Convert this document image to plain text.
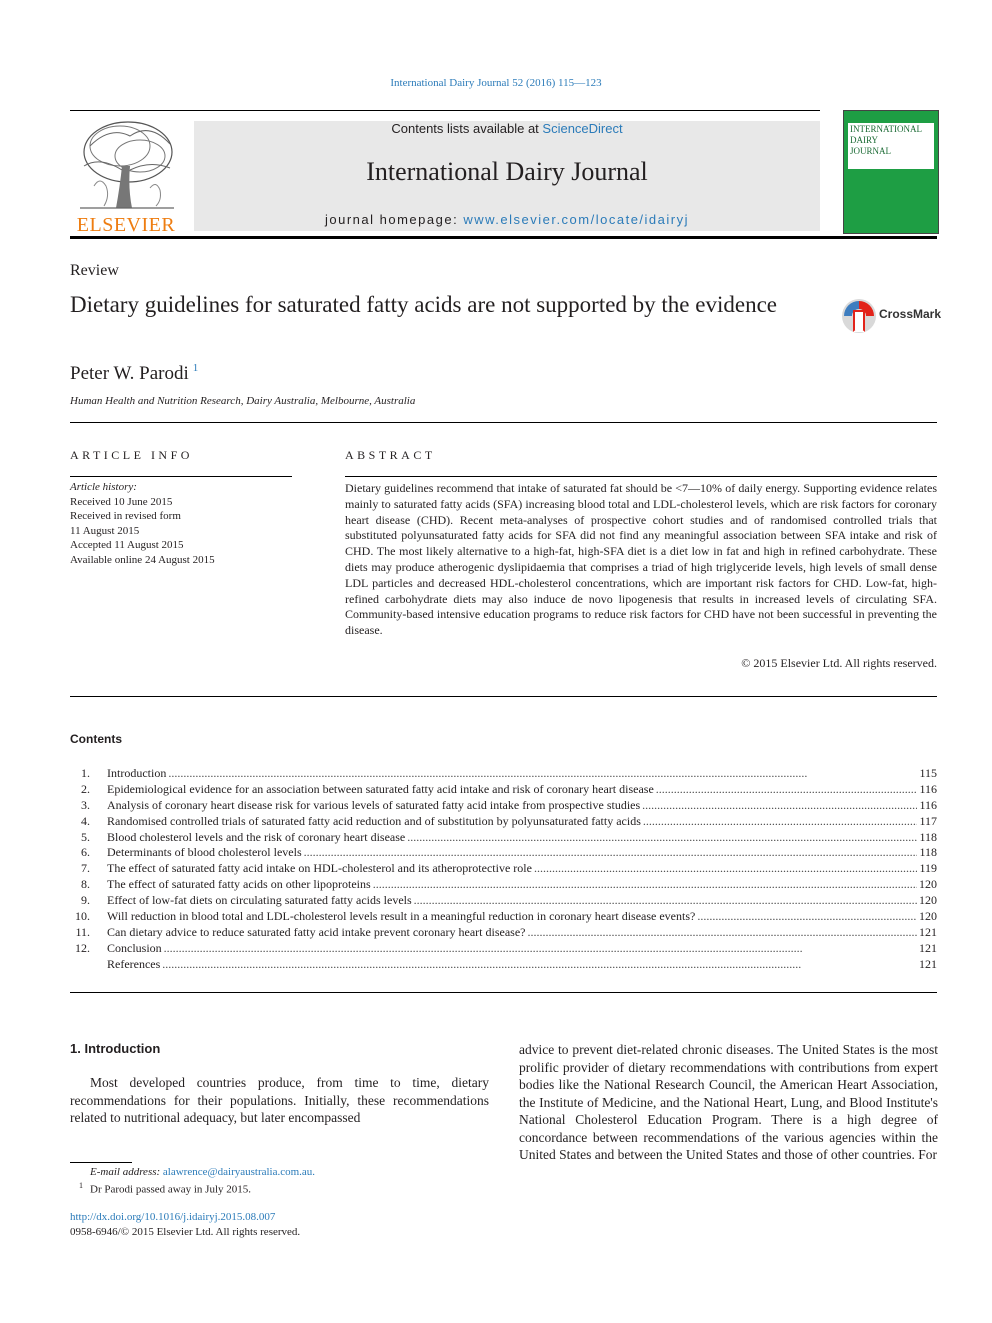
International Dairy Journal 52 (2016) 115—123
ELSEVIER
Contents lists available at ScienceDirect
International Dairy Journal
journal homepage: www.elsevier.com/locate/idairyj
INTERNATIONAL
DAIRY
JOURNAL
Review
Dietary guidelines for saturated fatty acids are not supported by the evidence	CrossMark
Peter W. Parodi $^1$
Human Health and Nutrition Research, Dairy Australia, Melbourne, Australia
ARTICLE INFO
Article history:
Received 10 June 2015
Received in revised form
11 August 2015
Accepted 11 August 2015
Available online 24 August 2015
ABSTRACT
Dietary guidelines recommend that intake of saturated fat should be <7—10% of daily energy. Supporting evidence relates mainly to saturated fatty acids (SFA) increasing blood total and LDL-cholesterol levels, which are risk factors for coronary heart disease (CHD). Recent meta-analyses of prospective cohort studies and of randomised controlled trials that substituted polyunsaturated fatty acids for SFA did not find any meaningful association between SFA intake and risk of CHD. The most likely alternative to a high-fat, high-SFA diet is a diet low in fat and high in refined carbohydrate. These diets may produce atherogenic dyslipidaemia that comprises a triad of high triglyceride levels, high levels of small dense LDL particles and decreased HDL-cholesterol concentrations, which are important risk factors for CHD. Low-fat, high-refined carbohydrate diets may also induce de novo lipogenesis that results in increased levels of circulating SFA. Community-based intensive education programs to reduce risk factors for CHD have not been successful in preventing the disease.
© 2015 Elsevier Ltd. All rights reserved.
Contents
1. Introduction . . .	115
2. Epidemiological evidence for an association between saturated fatty acid intake and risk of coronary heart disease . . .	116
3. Analysis of coronary heart disease risk for various levels of saturated fatty acid intake from prospective studies . . .	116
4. Randomised controlled trials of saturated fatty acid reduction and of substitution by polyunsaturated fatty acids . . .	117
5. Blood cholesterol levels and the risk of coronary heart disease . . .	118
6. Determinants of blood cholesterol levels . . .	118
7. The effect of saturated fatty acid intake on HDL-cholesterol and its atheroprotective role . . .	119
8. The effect of saturated fatty acids on other lipoproteins . . .	120
9. Effect of low-fat diets on circulating saturated fatty acids levels . . .	120
10. Will reduction in blood total and LDL-cholesterol levels result in a meaningful reduction in coronary heart disease events? . . .	120
11. Can dietary advice to reduce saturated fatty acid intake prevent coronary heart disease? . . .	121
12. Conclusion . . .	121
References . . .	121
1. Introduction
Most developed countries produce, from time to time, dietary recommendations for their populations. Initially, these recommendations related to nutritional adequacy, but later encompassed
advice to prevent diet-related chronic diseases. The United States is the most prolific provider of dietary recommendations with contributions from expert bodies like the National Research Council, the American Heart Association, the Institute of Medicine, and the National Heart, Lung, and Blood Institute's National Cholesterol Education Program. There is a high degree of concordance between recommendations of the various agencies within the United States and between the United States and those of other countries. For
E-mail address: alawrence@dairyaustralia.com.au.
$^1$ Dr Parodi passed away in July 2015.
http://dx.doi.org/10.1016/j.idairyj.2015.08.007
0958-6946/© 2015 Elsevier Ltd. All rights reserved.
